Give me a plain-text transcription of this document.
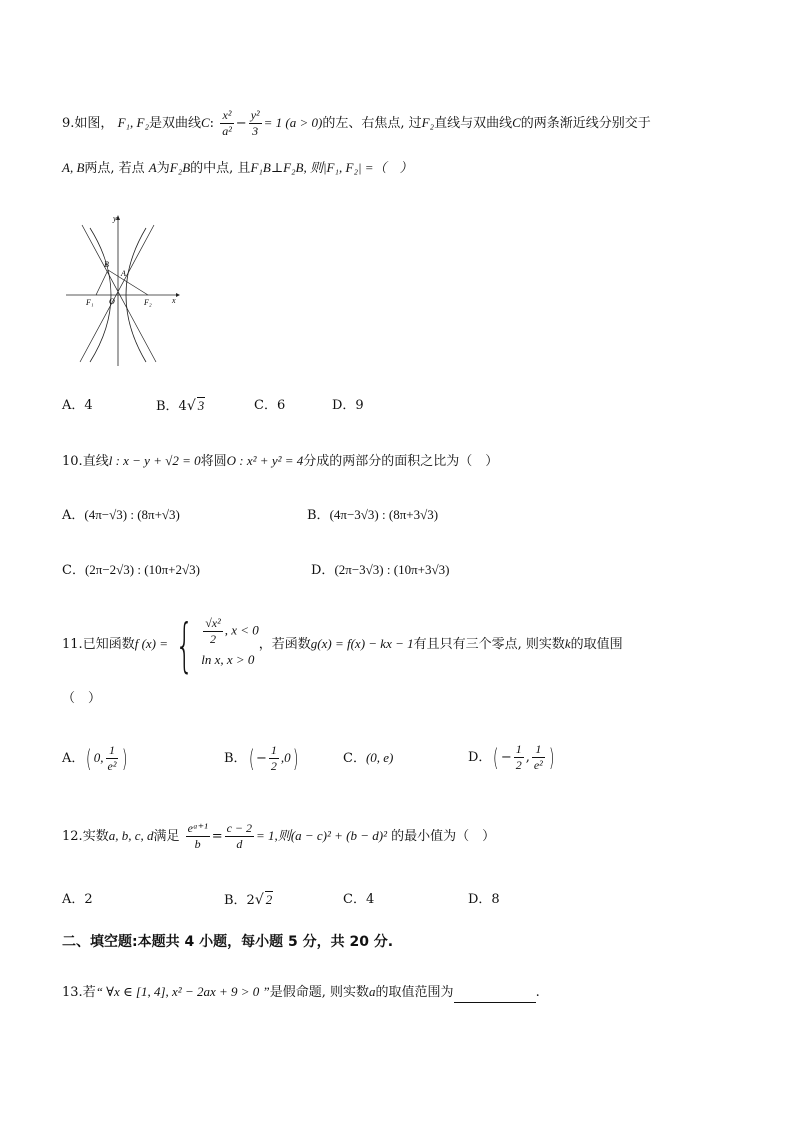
9.如图， F₁, F₂是双曲线C: $\frac{\text{x²}}{\text{a²}} - \frac{\text{y²}}{3} = 1$ (a > 0)的左、右焦点, 过F₂直线与双曲线C的两条渐近线分别交于
A, B两点, 若点 A为F₂B的中点, 且F₁B⊥F₂B, 则|F₁, F₂| =（　）
y
x
B
A
F₁ O	F₂
A．4	B．4√ 3	C．6	D．9
10.直线l : x − y + √2 = 0将圆O : x² + y² = 4分成的两部分的面积之比为（　）
A．(4π−√3) : (8π+√3)	B．(4π−3√3) : (8π+3√3)
C．(2π−2√3) : (10π+2√3)	D．(2π−3√3) : (10π+3√3)
11.已知函数f (x) = { $\frac{\text{√x²}}{2}$ , x < 0
ln x, x > 0
，若函数g(x) = f(x) − kx − 1有且只有三个零点, 则实数k的取值围
（　）
A．( 0, $\frac{1}{\text{e²}}$ )	B．( − $\frac{1}{2} ,0$)	C．(0, e)	D．( − $\frac{1}{2}$ , $\frac{1}{\text{e²}}$ )
12.实数a, b, c, d满足 $\frac{\text{eᵃ⁺¹}}{b} = \frac{c - 2}{d} = 1$,则(a − c)² + (b − d)² 的最小值为（　）
A．2	B．2√ 2	C．4	D．8
二、填空题:本题共 4 小题，每小题 5 分，共 20 分.
13.若“ ∀x ∈ [1, 4], x² − 2ax + 9 > 0 ”是假命题, 则实数a的取值范围为	.
